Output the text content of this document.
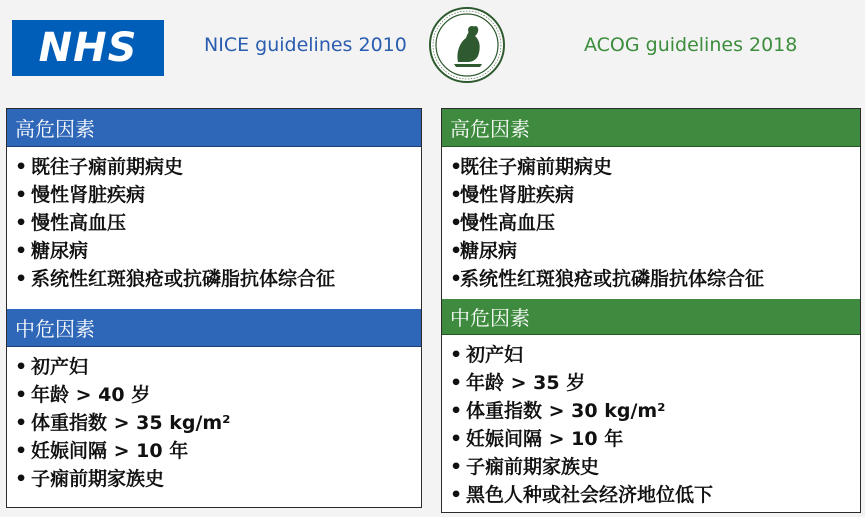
NHS	NICE guidelines 2010	ACOG guidelines 2018
高危因素
• 既往子痫前期病史
• 慢性肾脏疾病
• 慢性高血压
• 糖尿病
• 系统性红斑狼疮或抗磷脂抗体综合征
中危因素
• 初产妇
• 年龄 > 40 岁
• 体重指数 > 35 kg/m²
• 妊娠间隔 > 10 年
• 子痫前期家族史
高危因素
•既往子痫前期病史
•慢性肾脏疾病
•慢性高血压
•糖尿病
•系统性红斑狼疮或抗磷脂抗体综合征
中危因素
• 初产妇
• 年龄 > 35 岁
• 体重指数 > 30 kg/m²
• 妊娠间隔 > 10 年
• 子痫前期家族史
• 黑色人种或社会经济地位低下
